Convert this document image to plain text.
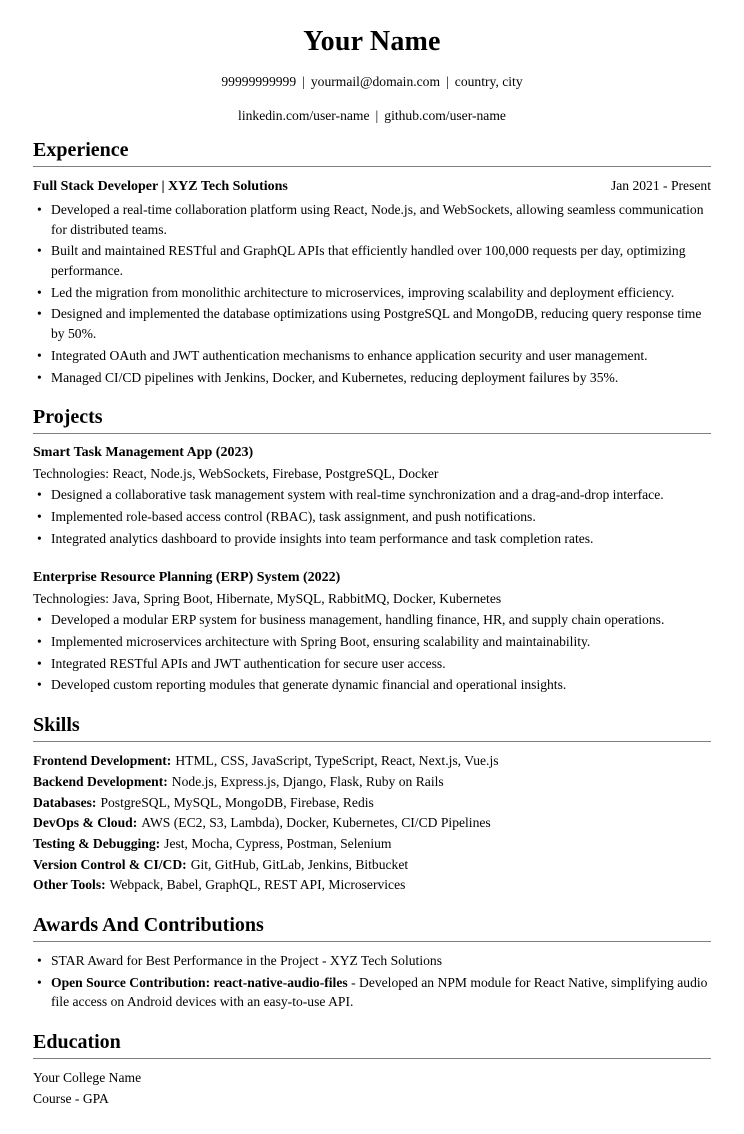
Your Name

99999999999 | yourmail@domain.com | country, city

linkedin.com/user-name | github.com/user-name

Experience
Full Stack Developer | XYZ Tech Solutions	Jan 2021 - Present
• Developed a real-time collaboration platform using React, Node.js, and WebSockets, allowing seamless communication for distributed teams.
• Built and maintained RESTful and GraphQL APIs that efficiently handled over 100,000 requests per day, optimizing performance.
• Led the migration from monolithic architecture to microservices, improving scalability and deployment efficiency.
• Designed and implemented the database optimizations using PostgreSQL and MongoDB, reducing query response time by 50%.
• Integrated OAuth and JWT authentication mechanisms to enhance application security and user management.
• Managed CI/CD pipelines with Jenkins, Docker, and Kubernetes, reducing deployment failures by 35%.
Projects
Smart Task Management App (2023)
Technologies: React, Node.js, WebSockets, Firebase, PostgreSQL, Docker
• Designed a collaborative task management system with real-time synchronization and a drag-and-drop interface.
• Implemented role-based access control (RBAC), task assignment, and push notifications.
• Integrated analytics dashboard to provide insights into team performance and task completion rates.
Enterprise Resource Planning (ERP) System (2022)
Technologies: Java, Spring Boot, Hibernate, MySQL, RabbitMQ, Docker, Kubernetes
• Developed a modular ERP system for business management, handling finance, HR, and supply chain operations.
• Implemented microservices architecture with Spring Boot, ensuring scalability and maintainability.
• Integrated RESTful APIs and JWT authentication for secure user access.
• Developed custom reporting modules that generate dynamic financial and operational insights.
Skills
Frontend Development: HTML, CSS, JavaScript, TypeScript, React, Next.js, Vue.js
Backend Development: Node.js, Express.js, Django, Flask, Ruby on Rails
Databases: PostgreSQL, MySQL, MongoDB, Firebase, Redis
DevOps & Cloud: AWS (EC2, S3, Lambda), Docker, Kubernetes, CI/CD Pipelines
Testing & Debugging: Jest, Mocha, Cypress, Postman, Selenium
Version Control & CI/CD: Git, GitHub, GitLab, Jenkins, Bitbucket
Other Tools: Webpack, Babel, GraphQL, REST API, Microservices
Awards And Contributions
• STAR Award for Best Performance in the Project - XYZ Tech Solutions
• Open Source Contribution: react-native-audio-files - Developed an NPM module for React Native, simplifying audio file access on Android devices with an easy-to-use API.
Education
Your College Name
Course - GPA
